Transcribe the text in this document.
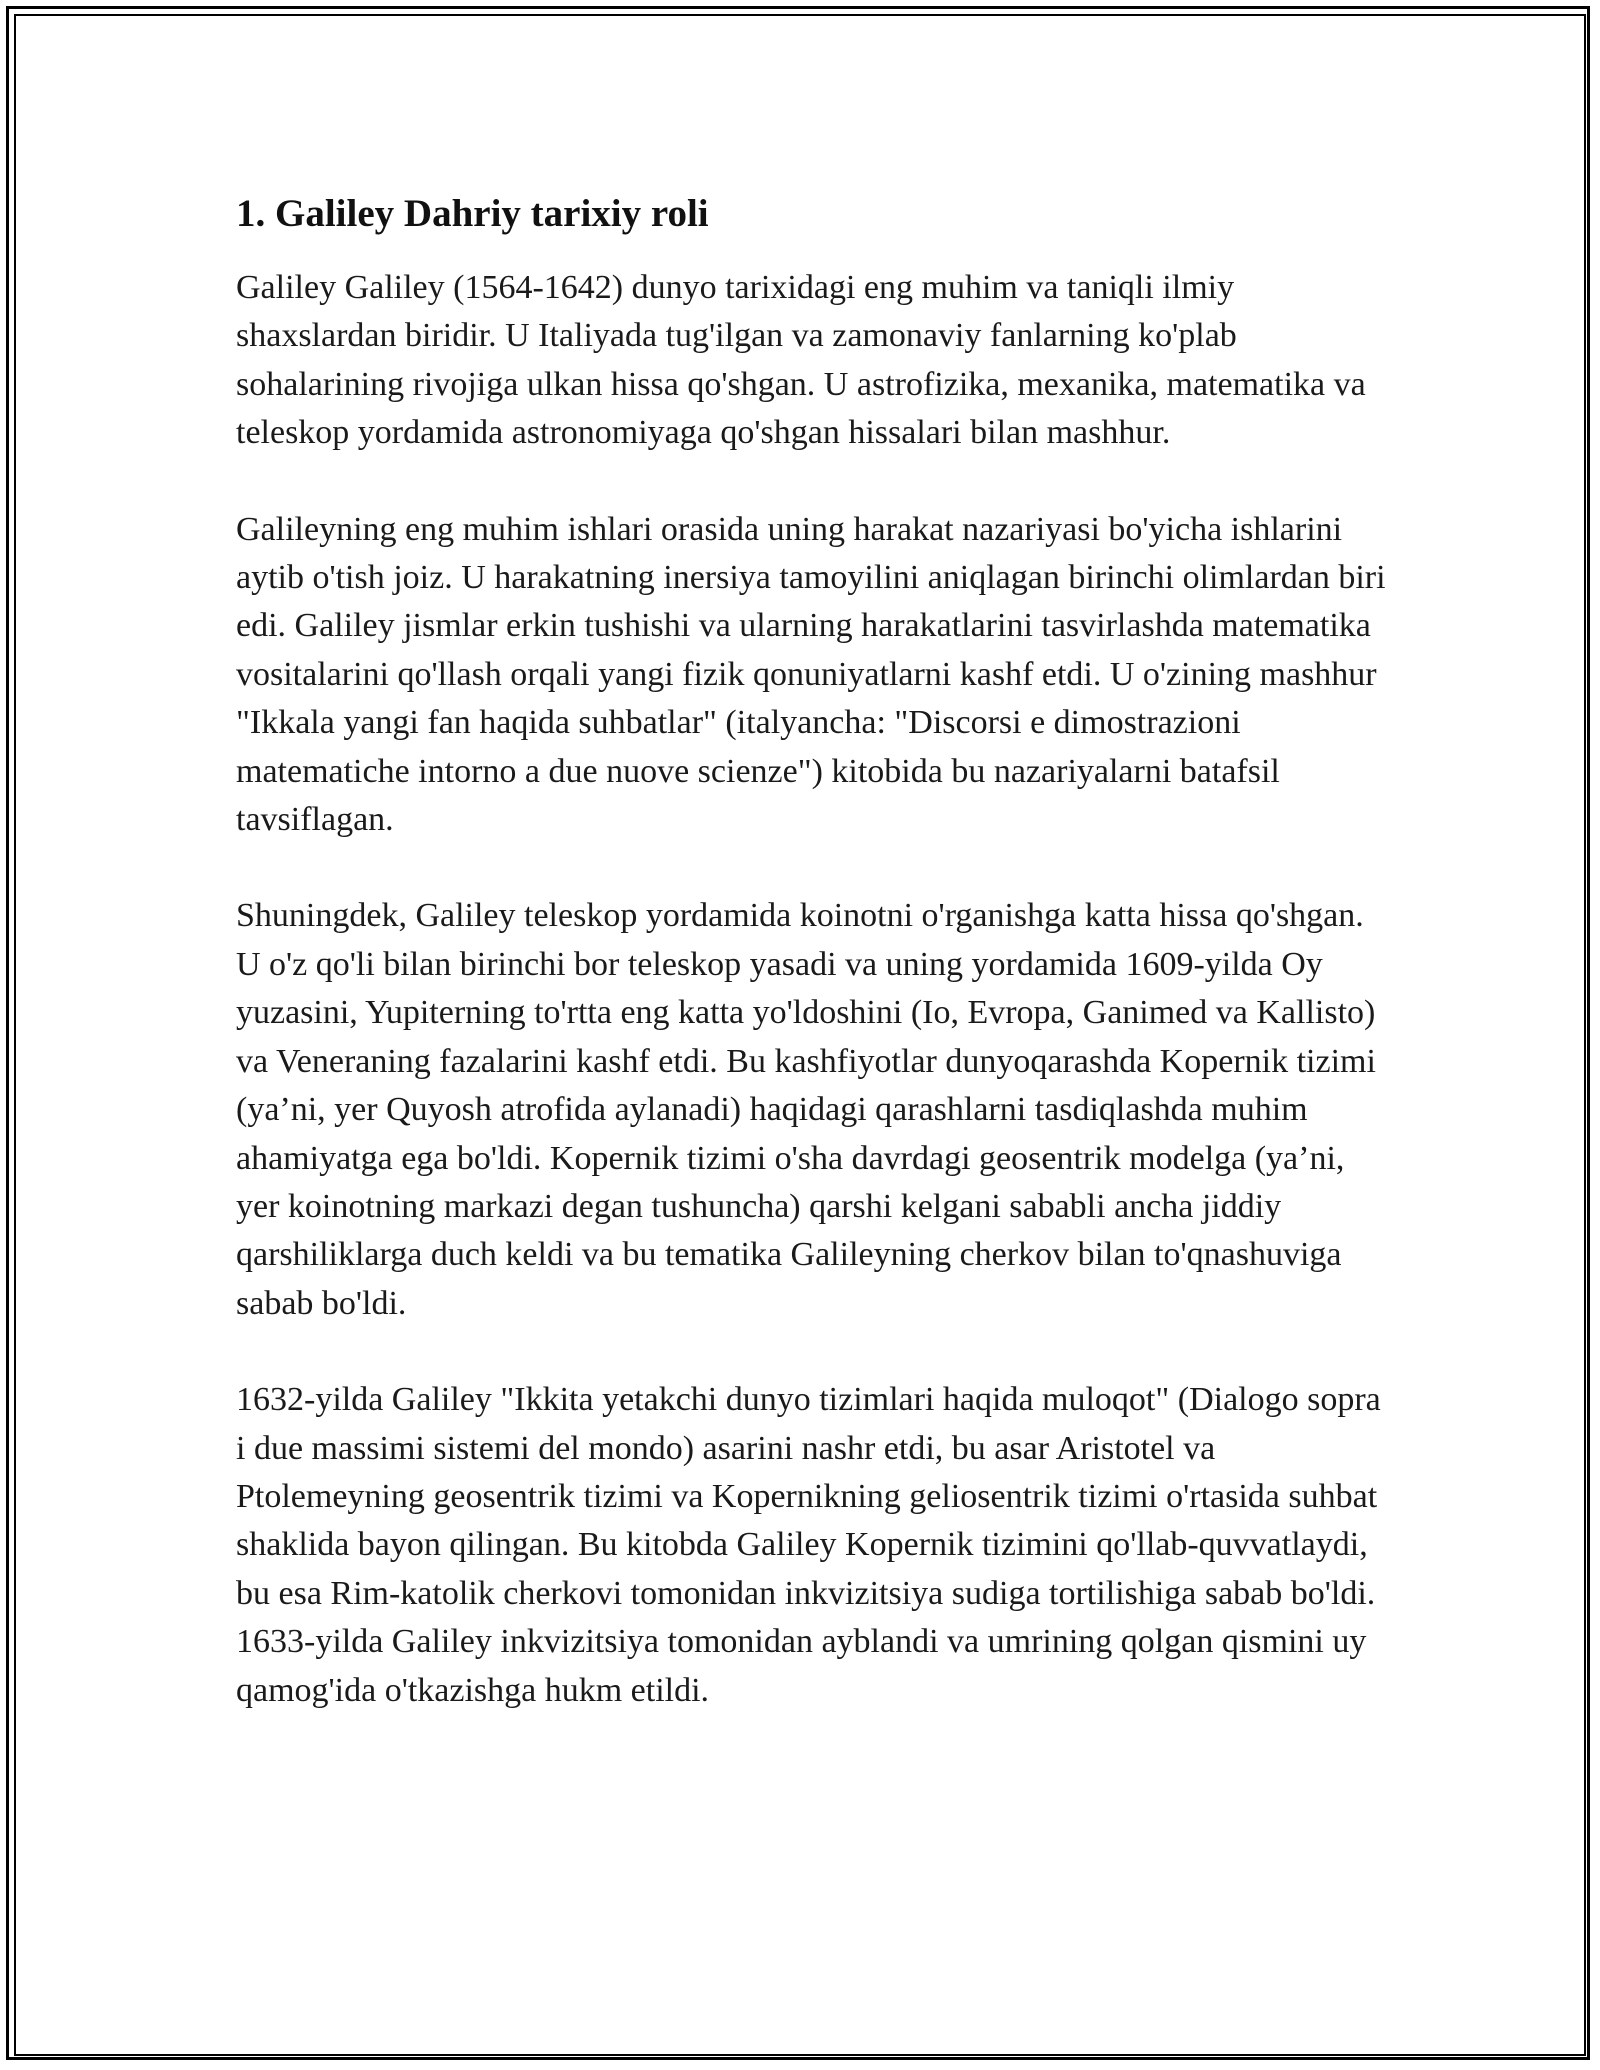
1. Galiley Dahriy tarixiy roli

Galiley Galiley (1564-1642) dunyo tarixidagi eng muhim va taniqli ilmiy shaxslardan biridir. U Italiyada tug'ilgan va zamonaviy fanlarning ko'plab sohalarining rivojiga ulkan hissa qo'shgan. U astrofizika, mexanika, matematika va teleskop yordamida astronomiyaga qo'shgan hissalari bilan mashhur.

Galileyning eng muhim ishlari orasida uning harakat nazariyasi bo'yicha ishlarini aytib o'tish joiz. U harakatning inersiya tamoyilini aniqlagan birinchi olimlardan biri edi. Galiley jismlar erkin tushishi va ularning harakatlarini tasvirlashda matematika vositalarini qo'llash orqali yangi fizik qonuniyatlarni kashf etdi. U o'zining mashhur "Ikkala yangi fan haqida suhbatlar" (italyancha: "Discorsi e dimostrazioni matematiche intorno a due nuove scienze") kitobida bu nazariyalarni batafsil tavsiflagan.

Shuningdek, Galiley teleskop yordamida koinotni o'rganishga katta hissa qo'shgan. U o'z qo'li bilan birinchi bor teleskop yasadi va uning yordamida 1609-yilda Oy yuzasini, Yupiterning to'rtta eng katta yo'ldoshini (Io, Evropa, Ganimed va Kallisto) va Veneraning fazalarini kashf etdi. Bu kashfiyotlar dunyoqarashda Kopernik tizimi (ya’ni, yer Quyosh atrofida aylanadi) haqidagi qarashlarni tasdiqlashda muhim ahamiyatga ega bo'ldi. Kopernik tizimi o'sha davrdagi geosentrik modelga (ya’ni, yer koinotning markazi degan tushuncha) qarshi kelgani sababli ancha jiddiy qarshiliklarga duch keldi va bu tematika Galileyning cherkov bilan to'qnashuviga sabab bo'ldi.

1632-yilda Galiley "Ikkita yetakchi dunyo tizimlari haqida muloqot" (Dialogo sopra i due massimi sistemi del mondo) asarini nashr etdi, bu asar Aristotel va Ptolemeyning geosentrik tizimi va Kopernikning geliosentrik tizimi o'rtasida suhbat shaklida bayon qilingan. Bu kitobda Galiley Kopernik tizimini qo'llab-quvvatlaydi, bu esa Rim-katolik cherkovi tomonidan inkvizitsiya sudiga tortilishiga sabab bo'ldi. 1633-yilda Galiley inkvizitsiya tomonidan ayblandi va umrining qolgan qismini uy qamog'ida o'tkazishga hukm etildi.
